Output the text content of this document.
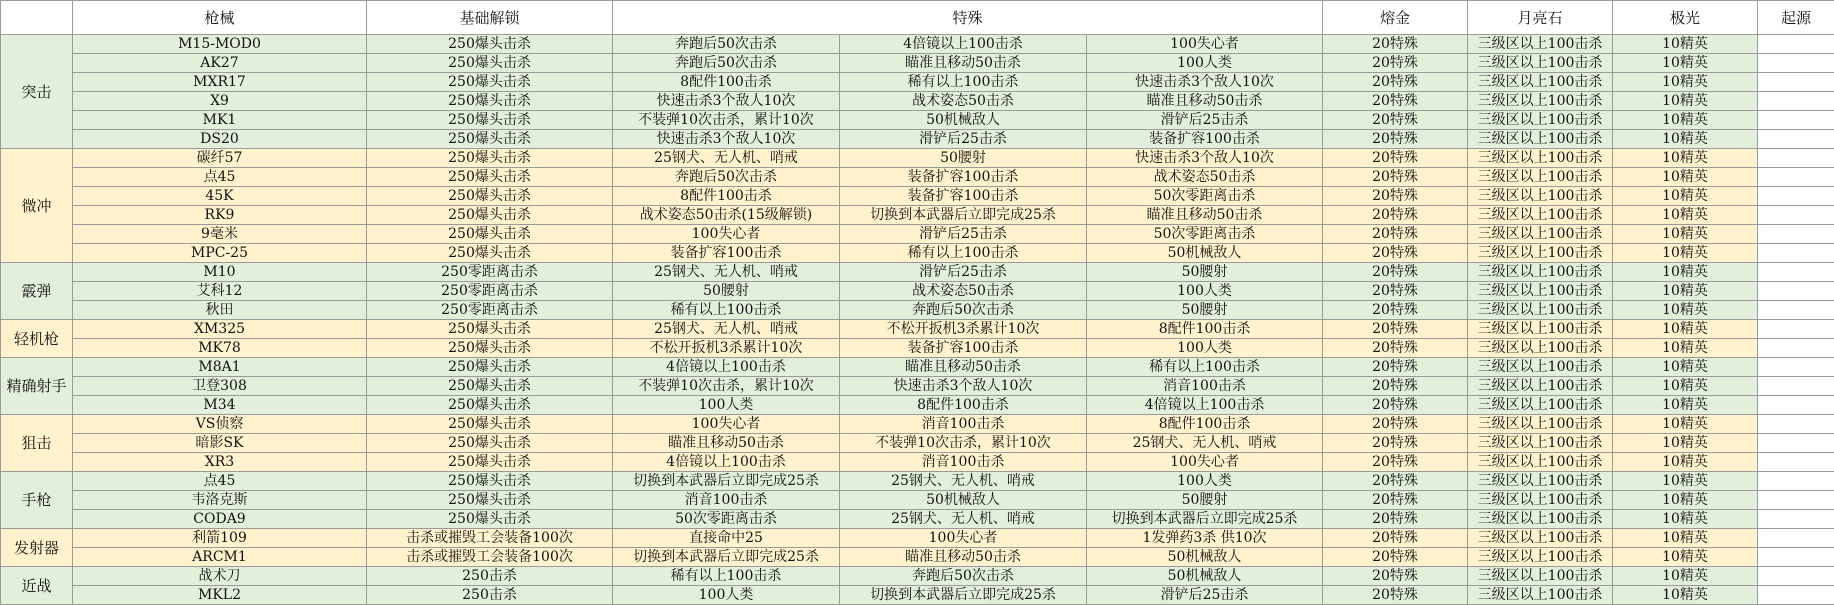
	枪械	基础解锁	特殊			熔金	月亮石	极光	起源
突击	M15-MOD0	250爆头击杀	奔跑后50次击杀	4倍镜以上100击杀	100失心者	20特殊	三级区以上100击杀	10精英	
	AK27	250爆头击杀	奔跑后50次击杀	瞄准且移动50击杀	100人类	20特殊	三级区以上100击杀	10精英	
	MXR17	250爆头击杀	8配件100击杀	稀有以上100击杀	快速击杀3个敌人10次	20特殊	三级区以上100击杀	10精英	
	X9	250爆头击杀	快速击杀3个敌人10次	战术姿态50击杀	瞄准且移动50击杀	20特殊	三级区以上100击杀	10精英	
	MK1	250爆头击杀	不装弹10次击杀，累计10次	50机械敌人	滑铲后25击杀	20特殊	三级区以上100击杀	10精英	
	DS20	250爆头击杀	快速击杀3个敌人10次	滑铲后25击杀	装备扩容100击杀	20特殊	三级区以上100击杀	10精英	
微冲	碳纤57	250爆头击杀	25钢犬、无人机、哨戒	50腰射	快速击杀3个敌人10次	20特殊	三级区以上100击杀	10精英	
	点45	250爆头击杀	奔跑后50次击杀	装备扩容100击杀	战术姿态50击杀	20特殊	三级区以上100击杀	10精英	
	45K	250爆头击杀	8配件100击杀	装备扩容100击杀	50次零距离击杀	20特殊	三级区以上100击杀	10精英	
	RK9	250爆头击杀	战术姿态50击杀(15级解锁)	切换到本武器后立即完成25杀	瞄准且移动50击杀	20特殊	三级区以上100击杀	10精英	
	9毫米	250爆头击杀	100失心者	滑铲后25击杀	50次零距离击杀	20特殊	三级区以上100击杀	10精英	
	MPC-25	250爆头击杀	装备扩容100击杀	稀有以上100击杀	50机械敌人	20特殊	三级区以上100击杀	10精英	
霰弹	M10	250零距离击杀	25钢犬、无人机、哨戒	滑铲后25击杀	50腰射	20特殊	三级区以上100击杀	10精英	
	艾科12	250零距离击杀	50腰射	战术姿态50击杀	100人类	20特殊	三级区以上100击杀	10精英	
	秋田	250零距离击杀	稀有以上100击杀	奔跑后50次击杀	50腰射	20特殊	三级区以上100击杀	10精英	
轻机枪	XM325	250爆头击杀	25钢犬、无人机、哨戒	不松开扳机3杀累计10次	8配件100击杀	20特殊	三级区以上100击杀	10精英	
	MK78	250爆头击杀	不松开扳机3杀累计10次	装备扩容100击杀	100人类	20特殊	三级区以上100击杀	10精英	
精确射手	M8A1	250爆头击杀	4倍镜以上100击杀	瞄准且移动50击杀	稀有以上100击杀	20特殊	三级区以上100击杀	10精英	
	卫登308	250爆头击杀	不装弹10次击杀，累计10次	快速击杀3个敌人10次	消音100击杀	20特殊	三级区以上100击杀	10精英	
	M34	250爆头击杀	100人类	8配件100击杀	4倍镜以上100击杀	20特殊	三级区以上100击杀	10精英	
狙击	VS侦察	250爆头击杀	100失心者	消音100击杀	8配件100击杀	20特殊	三级区以上100击杀	10精英	
	暗影SK	250爆头击杀	瞄准且移动50击杀	不装弹10次击杀，累计10次	25钢犬、无人机、哨戒	20特殊	三级区以上100击杀	10精英	
	XR3	250爆头击杀	4倍镜以上100击杀	消音100击杀	100失心者	20特殊	三级区以上100击杀	10精英	
手枪	点45	250爆头击杀	切换到本武器后立即完成25杀	25钢犬、无人机、哨戒	100人类	20特殊	三级区以上100击杀	10精英	
	韦洛克斯	250爆头击杀	消音100击杀	50机械敌人	50腰射	20特殊	三级区以上100击杀	10精英	
	CODA9	250爆头击杀	50次零距离击杀	25钢犬、无人机、哨戒	切换到本武器后立即完成25杀	20特殊	三级区以上100击杀	10精英	
发射器	利箭109	击杀或摧毁工会装备100次	直接命中25	100失心者	1发弹药3杀 供10次	20特殊	三级区以上100击杀	10精英	
	ARCM1	击杀或摧毁工会装备100次	切换到本武器后立即完成25杀	瞄准且移动50击杀	50机械敌人	20特殊	三级区以上100击杀	10精英	
近战	战术刀	250击杀	稀有以上100击杀	奔跑后50次击杀	50机械敌人	20特殊	三级区以上100击杀	10精英	
	MKL2	250击杀	100人类	切换到本武器后立即完成25杀	滑铲后25击杀	20特殊	三级区以上100击杀	10精英	
